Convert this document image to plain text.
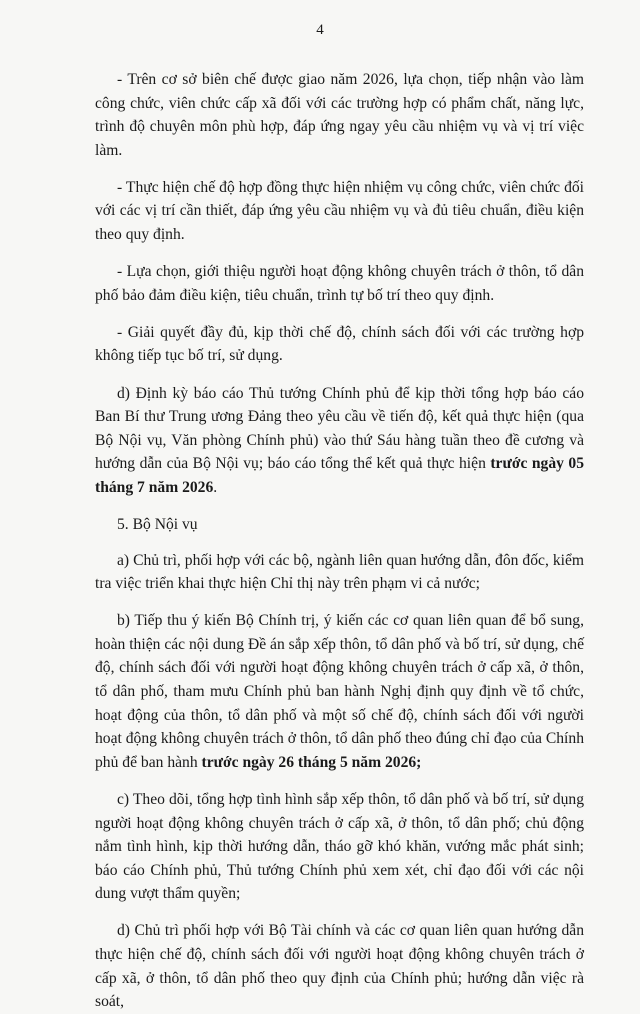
4

- Trên cơ sở biên chế được giao năm 2026, lựa chọn, tiếp nhận vào làm công chức, viên chức cấp xã đối với các trường hợp có phẩm chất, năng lực, trình độ chuyên môn phù hợp, đáp ứng ngay yêu cầu nhiệm vụ và vị trí việc làm.

- Thực hiện chế độ hợp đồng thực hiện nhiệm vụ công chức, viên chức đối với các vị trí cần thiết, đáp ứng yêu cầu nhiệm vụ và đủ tiêu chuẩn, điều kiện theo quy định.

- Lựa chọn, giới thiệu người hoạt động không chuyên trách ở thôn, tổ dân phố bảo đảm điều kiện, tiêu chuẩn, trình tự bố trí theo quy định.

- Giải quyết đầy đủ, kịp thời chế độ, chính sách đối với các trường hợp không tiếp tục bố trí, sử dụng.

d) Định kỳ báo cáo Thủ tướng Chính phủ để kịp thời tổng hợp báo cáo Ban Bí thư Trung ương Đảng theo yêu cầu về tiến độ, kết quả thực hiện (qua Bộ Nội vụ, Văn phòng Chính phủ) vào thứ Sáu hàng tuần theo đề cương và hướng dẫn của Bộ Nội vụ; báo cáo tổng thể kết quả thực hiện trước ngày 05 tháng 7 năm 2026.

5. Bộ Nội vụ

a) Chủ trì, phối hợp với các bộ, ngành liên quan hướng dẫn, đôn đốc, kiểm tra việc triển khai thực hiện Chỉ thị này trên phạm vi cả nước;

b) Tiếp thu ý kiến Bộ Chính trị, ý kiến các cơ quan liên quan để bổ sung, hoàn thiện các nội dung Đề án sắp xếp thôn, tổ dân phố và bố trí, sử dụng, chế độ, chính sách đối với người hoạt động không chuyên trách ở cấp xã, ở thôn, tổ dân phố, tham mưu Chính phủ ban hành Nghị định quy định về tổ chức, hoạt động của thôn, tổ dân phố và một số chế độ, chính sách đối với người hoạt động không chuyên trách ở thôn, tổ dân phố theo đúng chỉ đạo của Chính phủ để ban hành trước ngày 26 tháng 5 năm 2026;

c) Theo dõi, tổng hợp tình hình sắp xếp thôn, tổ dân phố và bố trí, sử dụng người hoạt động không chuyên trách ở cấp xã, ở thôn, tổ dân phố; chủ động nắm tình hình, kịp thời hướng dẫn, tháo gỡ khó khăn, vướng mắc phát sinh; báo cáo Chính phủ, Thủ tướng Chính phủ xem xét, chỉ đạo đối với các nội dung vượt thẩm quyền;

d) Chủ trì phối hợp với Bộ Tài chính và các cơ quan liên quan hướng dẫn thực hiện chế độ, chính sách đối với người hoạt động không chuyên trách ở cấp xã, ở thôn, tổ dân phố theo quy định của Chính phủ; hướng dẫn việc rà soát,
